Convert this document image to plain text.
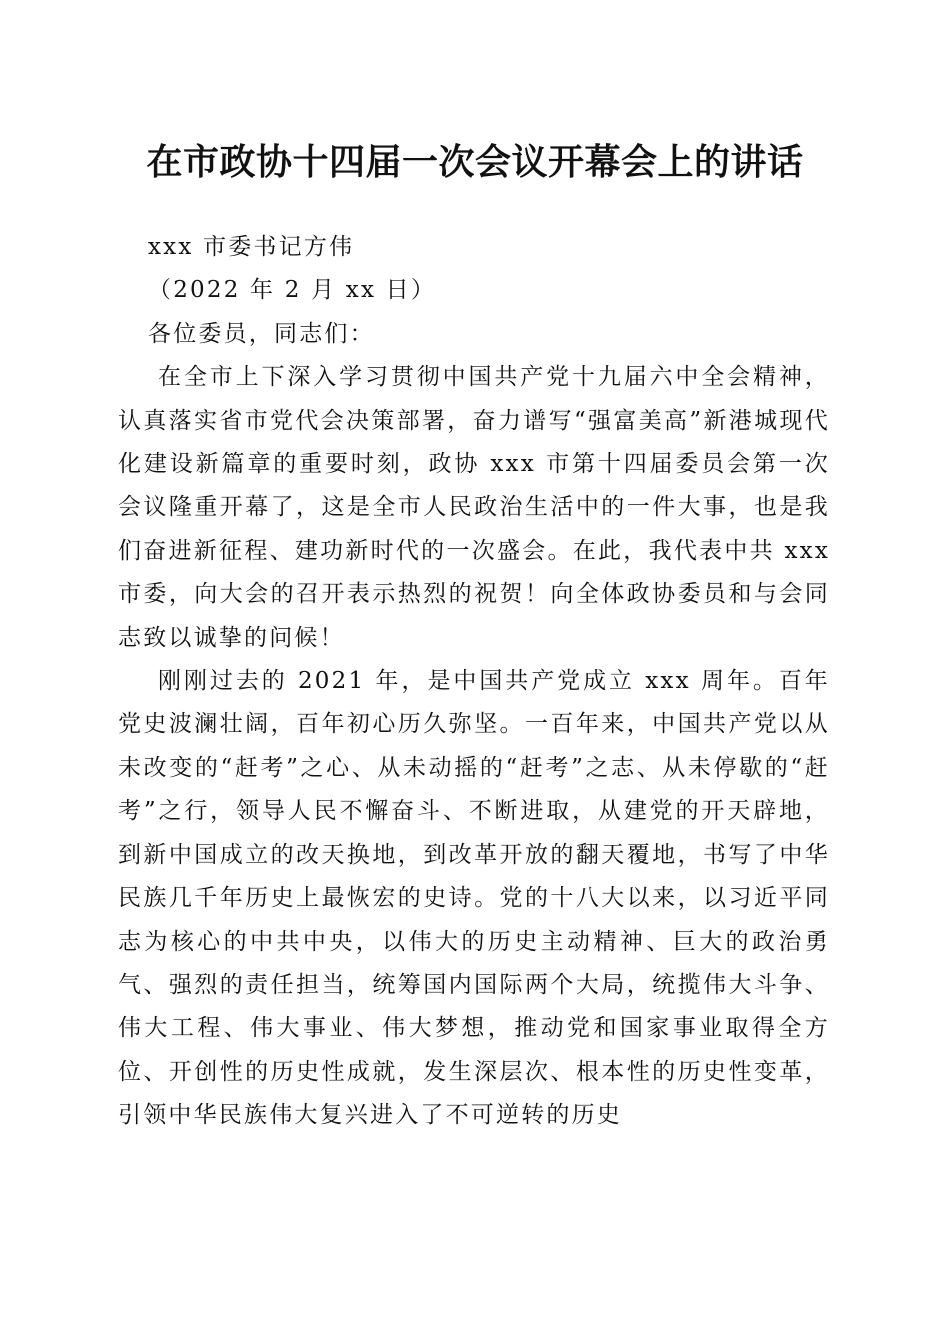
在市政协十四届一次会议开幕会上的讲话

xxx 市委书记方伟

（2022 年 2 月 xx 日）

各位委员，同志们：

在全市上下深入学习贯彻中国共产党十九届六中全会精神，认真落实省市党代会决策部署，奋力谱写“强富美高”新港城现代化建设新篇章的重要时刻，政协 xxx 市第十四届委员会第一次会议隆重开幕了，这是全市人民政治生活中的一件大事，也是我们奋进新征程、建功新时代的一次盛会。在此，我代表中共 xxx 市委，向大会的召开表示热烈的祝贺！向全体政协委员和与会同志致以诚挚的问候！

刚刚过去的 2021 年，是中国共产党成立 xxx 周年。百年党史波澜壮阔，百年初心历久弥坚。一百年来，中国共产党以从未改变的“赶考”之心、从未动摇的“赶考”之志、从未停歇的“赶考”之行，领导人民不懈奋斗、不断进取，从建党的开天辟地，到新中国成立的改天换地，到改革开放的翻天覆地，书写了中华民族几千年历史上最恢宏的史诗。党的十八大以来，以习近平同志为核心的中共中央，以伟大的历史主动精神、巨大的政治勇气、强烈的责任担当，统筹国内国际两个大局，统揽伟大斗争、伟大工程、伟大事业、伟大梦想，推动党和国家事业取得全方位、开创性的历史性成就，发生深层次、根本性的历史性变革，引领中华民族伟大复兴进入了不可逆转的历史
